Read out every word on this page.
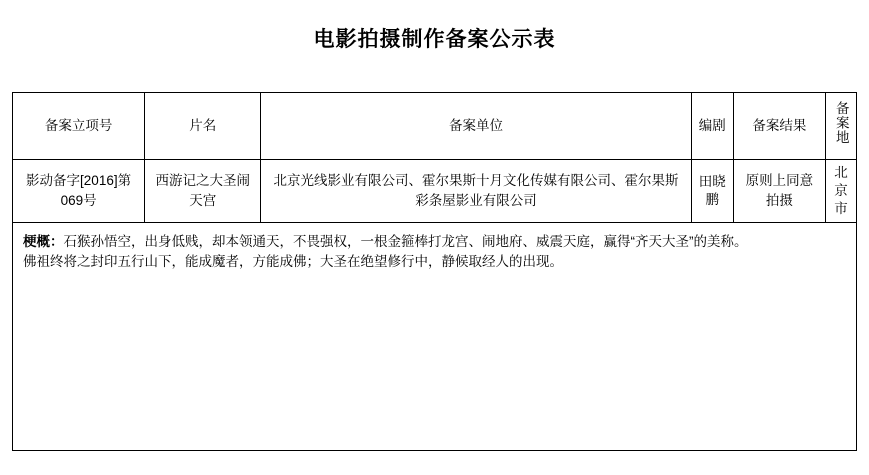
电影拍摄制作备案公示表
备案立项号	片名	备案单位	编剧	备案结果	备案地
影动备字[2016]第069号	西游记之大圣闹天宫	北京光线影业有限公司、霍尔果斯十月文化传媒有限公司、霍尔果斯彩条屋影业有限公司	田晓鹏	原则上同意拍摄	北京市

梗概：石猴孙悟空，出身低贱，却本领通天，不畏强权，一根金箍棒打龙宫、闹地府、威震天庭，赢得“齐天大圣”的美称。

佛祖终将之封印五行山下，能成魔者，方能成佛；大圣在绝望修行中，静候取经人的出现。					
